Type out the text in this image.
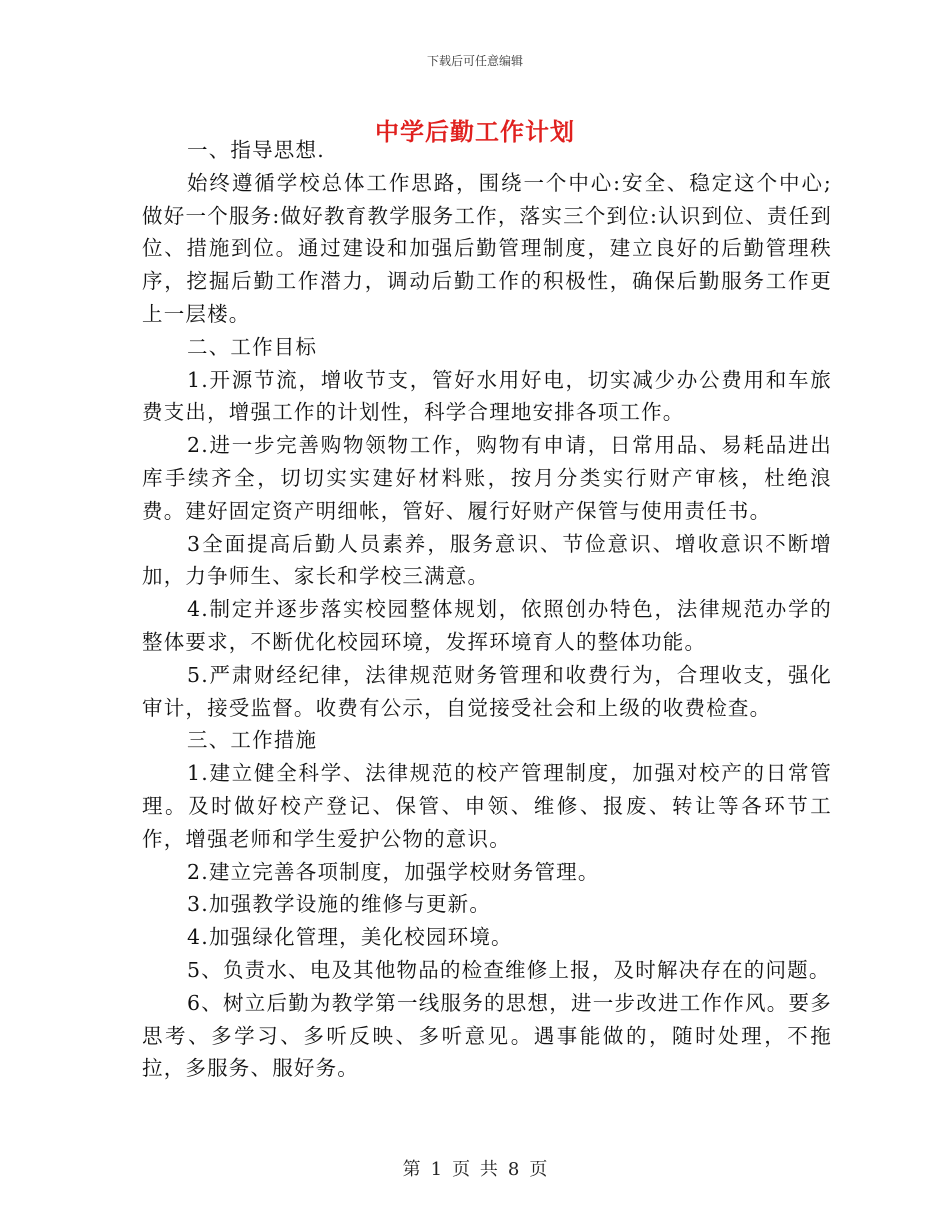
下载后可任意编辑
中学后勤工作计划

一、指导思想.

始终遵循学校总体工作思路，围绕一个中心:安全、稳定这个中心;做好一个服务:做好教育教学服务工作，落实三个到位:认识到位、责任到位、措施到位。通过建设和加强后勤管理制度，建立良好的后勤管理秩序，挖掘后勤工作潜力，调动后勤工作的积极性，确保后勤服务工作更上一层楼。

二、工作目标

1.开源节流，增收节支，管好水用好电，切实减少办公费用和车旅费支出，增强工作的计划性，科学合理地安排各项工作。

2.进一步完善购物领物工作，购物有申请，日常用品、易耗品进出库手续齐全，切切实实建好材料账，按月分类实行财产审核，杜绝浪费。建好固定资产明细帐，管好、履行好财产保管与使用责任书。

3全面提高后勤人员素养，服务意识、节俭意识、增收意识不断增加，力争师生、家长和学校三满意。

4.制定并逐步落实校园整体规划，依照创办特色，法律规范办学的整体要求，不断优化校园环境，发挥环境育人的整体功能。

5.严肃财经纪律，法律规范财务管理和收费行为，合理收支，强化审计，接受监督。收费有公示，自觉接受社会和上级的收费检查。

三、工作措施

1.建立健全科学、法律规范的校产管理制度，加强对校产的日常管理。及时做好校产登记、保管、申领、维修、报废、转让等各环节工作，增强老师和学生爱护公物的意识。

2.建立完善各项制度，加强学校财务管理。

3.加强教学设施的维修与更新。

4.加强绿化管理，美化校园环境。

5、负责水、电及其他物品的检查维修上报，及时解决存在的问题。

6、树立后勤为教学第一线服务的思想，进一步改进工作作风。要多思考、多学习、多听反映、多听意见。遇事能做的，随时处理，不拖拉，多服务、服好务。

第 1 页 共 8 页
